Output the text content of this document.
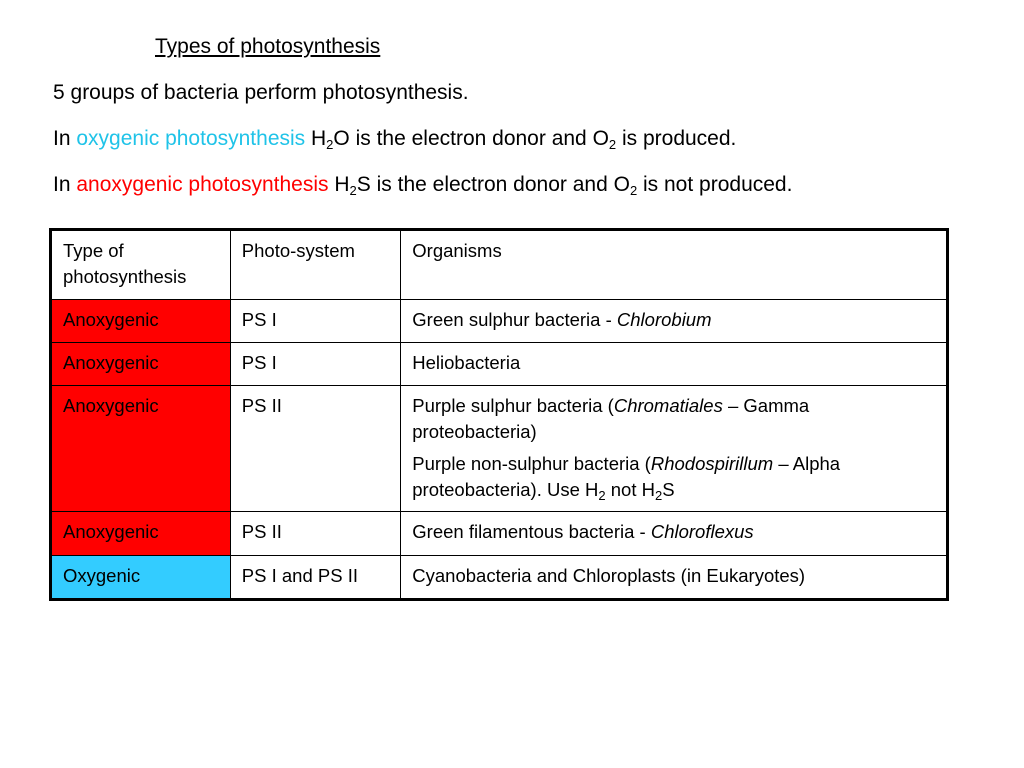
Types of photosynthesis
5 groups of bacteria perform photosynthesis.
In oxygenic photosynthesis $H_2O$ is the electron donor and $O_2$ is produced.
In anoxygenic photosynthesis $H_2S$ is the electron donor and $O_2$ is not produced.
Type of photosynthesis	Photo-system	Organisms
Anoxygenic	PS I	Green sulphur bacteria - Chlorobium
Anoxygenic	PS I	Heliobacteria
Anoxygenic	PS II	Purple sulphur bacteria (Chromatiales – Gamma proteobacteria)
Purple non-sulphur bacteria (Rhodospirillum – Alpha proteobacteria). Use $H_2$ not $H_2S$

Anoxygenic	PS II	Green filamentous bacteria - Chloroflexus
Oxygenic	PS I and PS II	Cyanobacteria and Chloroplasts (in Eukaryotes)
